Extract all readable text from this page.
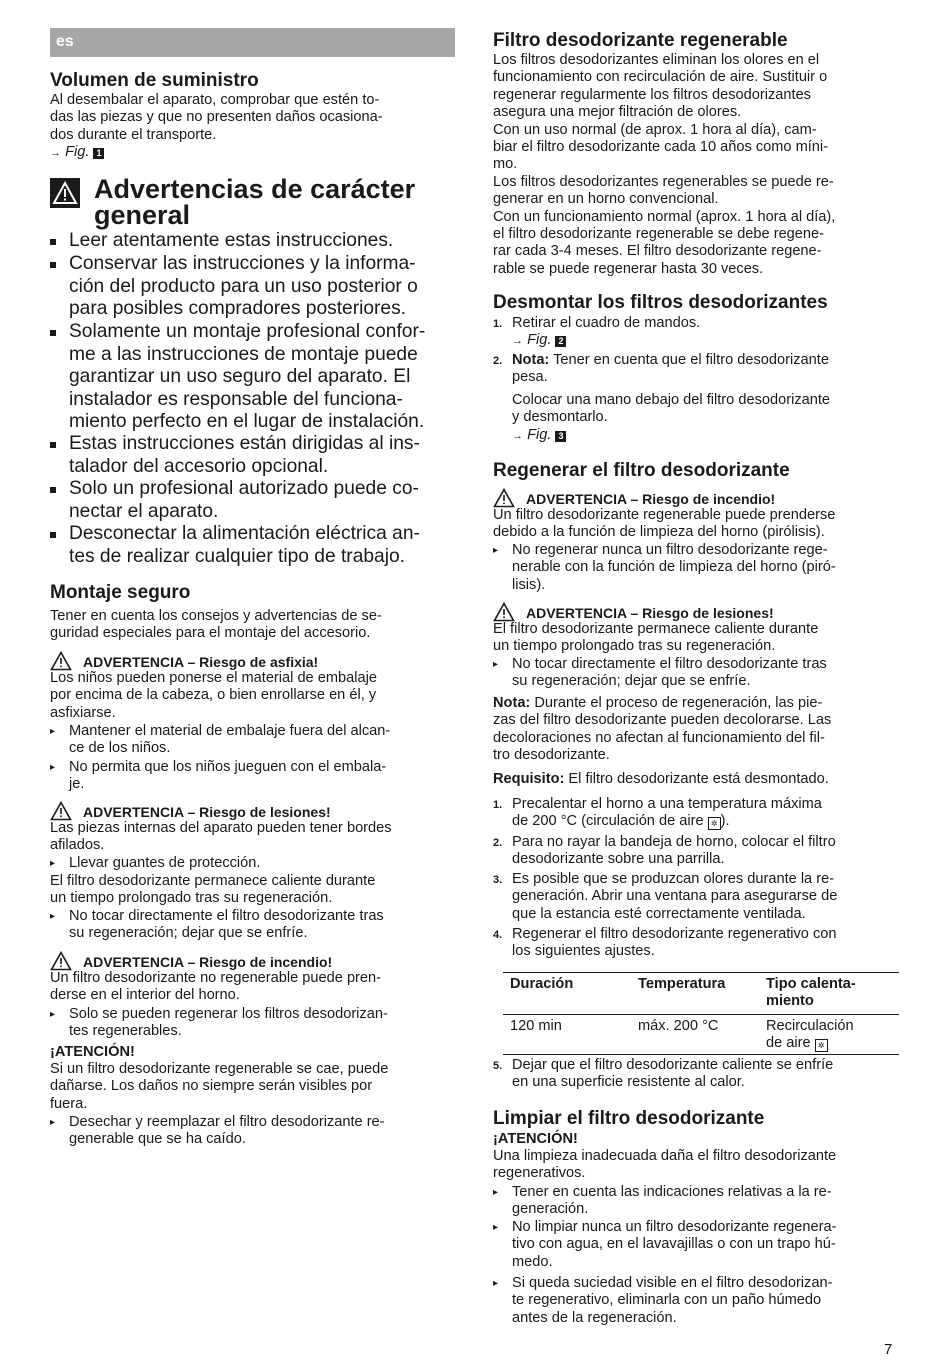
es
Volumen de suministro

Al desembalar el aparato, comprobar que estén to-

das las piezas y que no presenten daños ocasiona-

dos durante el transporte.

→ Fig. 1

Advertencias de carácter
general
Leer atentamente estas instrucciones.
Conservar las instrucciones y la informa-
ción del producto para un uso posterior o
para posibles compradores posteriores.
Solamente un montaje profesional confor-
me a las instrucciones de montaje puede
garantizar un uso seguro del aparato. El
instalador es responsable del funciona-
miento perfecto en el lugar de instalación.
Estas instrucciones están dirigidas al ins-
talador del accesorio opcional.
Solo un profesional autorizado puede co-
nectar el aparato.
Desconectar la alimentación eléctrica an-
tes de realizar cualquier tipo de trabajo.
Montaje seguro

Tener en cuenta los consejos y advertencias de se-

guridad especiales para el montaje del accesorio.

ADVERTENCIA – Riesgo de asfixia!

Los niños pueden ponerse el material de embalaje

por encima de la cabeza, o bien enrollarse en él, y

asfixiarse.

▸ Mantener el material de embalaje fuera del alcan-

ce de los niños.

▸ No permita que los niños jueguen con el embala-

je.

ADVERTENCIA – Riesgo de lesiones!

Las piezas internas del aparato pueden tener bordes

afilados.

▸ Llevar guantes de protección.

El filtro desodorizante permanece caliente durante

un tiempo prolongado tras su regeneración.

▸ No tocar directamente el filtro desodorizante tras

su regeneración; dejar que se enfríe.

ADVERTENCIA – Riesgo de incendio!

Un filtro desodorizante no regenerable puede pren-

derse en el interior del horno.

▸ Solo se pueden regenerar los filtros desodorizan-

tes regenerables.

¡ATENCIÓN!

Si un filtro desodorizante regenerable se cae, puede

dañarse. Los daños no siempre serán visibles por

fuera.

▸ Desechar y reemplazar el filtro desodorizante re-

generable que se ha caído.

Filtro desodorizante regenerable

Los filtros desodorizantes eliminan los olores en el

funcionamiento con recirculación de aire. Sustituir o

regenerar regularmente los filtros desodorizantes

asegura una mejor filtración de olores.

Con un uso normal (de aprox. 1 hora al día), cam-

biar el filtro desodorizante cada 10 años como míni-

mo.

Los filtros desodorizantes regenerables se puede re-

generar en un horno convencional.

Con un funcionamiento normal (aprox. 1 hora al día),

el filtro desodorizante regenerable se debe regene-

rar cada 3-4 meses. El filtro desodorizante regene-

rable se puede regenerar hasta 30 veces.

Desmontar los filtros desodorizantes
1. Retirar el cuadro de mandos.

→ Fig. 2

2. Nota: Tener en cuenta que el filtro desodorizante

pesa.

Colocar una mano debajo del filtro desodorizante

y desmontarlo.

→ Fig. 3

Regenerar el filtro desodorizante
ADVERTENCIA – Riesgo de incendio!

Un filtro desodorizante regenerable puede prenderse

debido a la función de limpieza del horno (pirólisis).

▸ No regenerar nunca un filtro desodorizante rege-

nerable con la función de limpieza del horno (piró-

lisis).

ADVERTENCIA – Riesgo de lesiones!

El filtro desodorizante permanece caliente durante

un tiempo prolongado tras su regeneración.

▸ No tocar directamente el filtro desodorizante tras

su regeneración; dejar que se enfríe.

Nota: Durante el proceso de regeneración, las pie-

zas del filtro desodorizante pueden decolorarse. Las

decoloraciones no afectan al funcionamiento del fil-

tro desodorizante.

Requisito: El filtro desodorizante está desmontado.

1. Precalentar el horno a una temperatura máxima

de 200 °C (circulación de aire ✲ ).

2. Para no rayar la bandeja de horno, colocar el filtro

desodorizante sobre una parrilla.

3. Es posible que se produzcan olores durante la re-

generación. Abrir una ventana para asegurarse de

que la estancia esté correctamente ventilada.

4. Regenerar el filtro desodorizante regenerativo con

los siguientes ajustes.

Duración	Temperatura	Tipo calenta-
miento

120 min	máx. 200 °C	Recirculación
de aire ✲
5. Dejar que el filtro desodorizante caliente se enfríe

en una superficie resistente al calor.

Limpiar el filtro desodorizante

¡ATENCIÓN!

Una limpieza inadecuada daña el filtro desodorizante

regenerativos.

▸ Tener en cuenta las indicaciones relativas a la re-

generación.

▸ No limpiar nunca un filtro desodorizante regenera-

tivo con agua, en el lavavajillas o con un trapo hú-

medo.

▸ Si queda suciedad visible en el filtro desodorizan-

te regenerativo, eliminarla con un paño húmedo

antes de la regeneración.

7
